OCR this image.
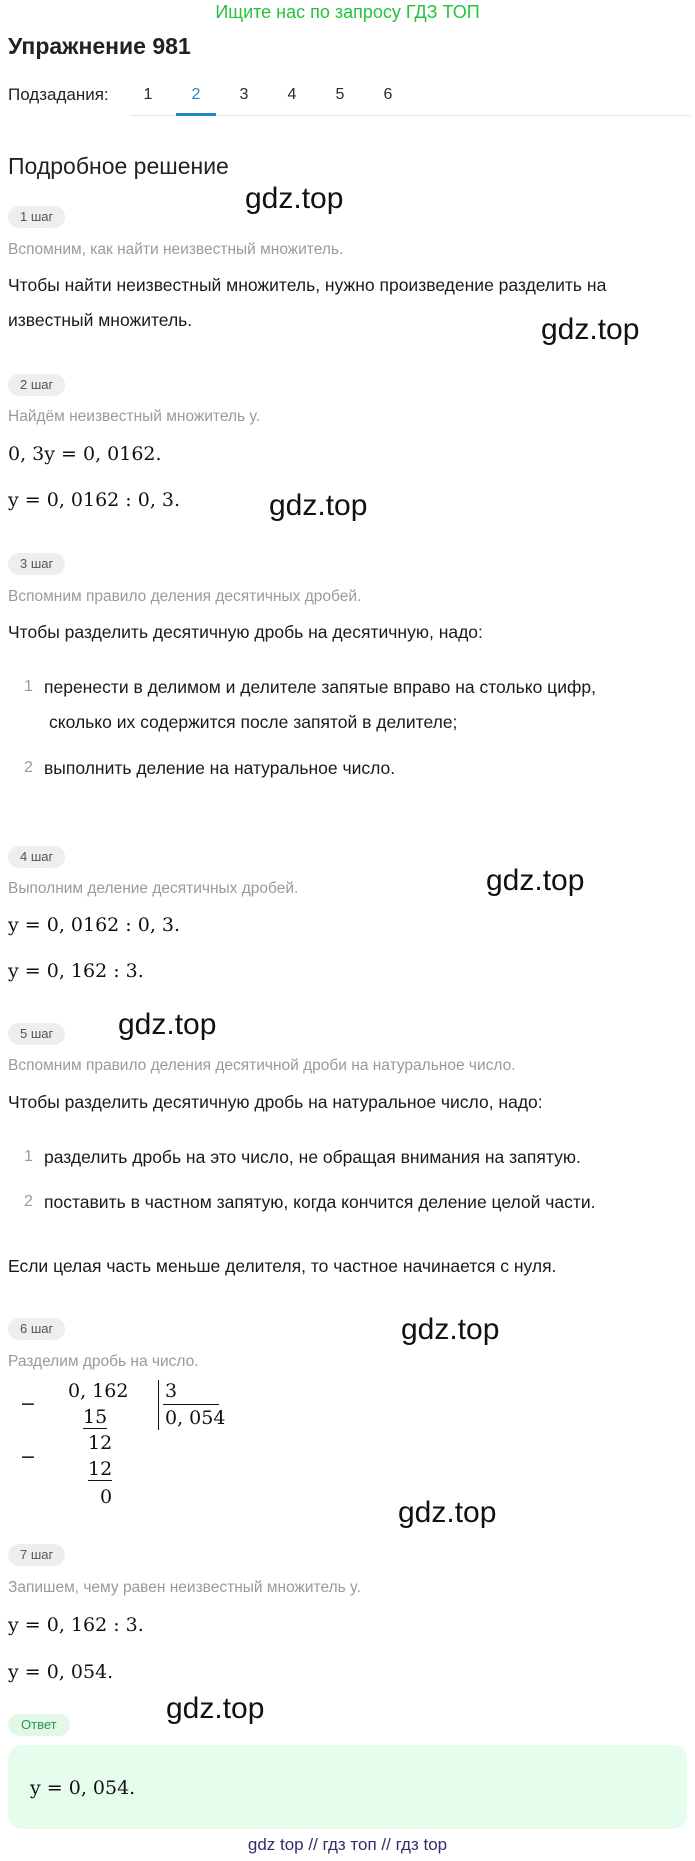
Ищите нас по запросу ГДЗ ТОП
Упражнение 981
Подзадания:	1	2	3	4	5	6
Подробное решение
gdz.top
gdz.top
gdz.top
gdz.top
gdz.top
gdz.top
gdz.top
gdz.top
1 шаг
Вспомним, как найти неизвестный множитель.
Чтобы найти неизвестный множитель, нужно произведение разделить на
известный множитель.
2 шаг
Найдём неизвестный множитель y.
0, 3y = 0, 0162.
y = 0, 0162 : 0, 3.
3 шаг
Вспомним правило деления десятичных дробей.
Чтобы разделить десятичную дробь на десятичную, надо:
1 перенести в делимом и делителе запятые вправо на столько цифр,
сколько их содержится после запятой в делителе;
2 выполнить деление на натуральное число.
4 шаг
Выполним деление десятичных дробей.
y = 0, 0162 : 0, 3.
y = 0, 162 : 3.
5 шаг
Вспомним правило деления десятичной дроби на натуральное число.
Чтобы разделить десятичную дробь на натуральное число, надо:
1 разделить дробь на это число, не обращая внимания на запятую.
2 поставить в частном запятую, когда кончится деление целой части.
Если целая часть меньше делителя, то частное начинается с нуля.
6 шаг
Разделим дробь на число.
−
0, 162
15
−
12
12
0
3
0, 054
7 шаг
Запишем, чему равен неизвестный множитель y.
y = 0, 162 : 3.
y = 0, 054.
Ответ
y = 0, 054.
gdz top // гдз топ // гдз top
